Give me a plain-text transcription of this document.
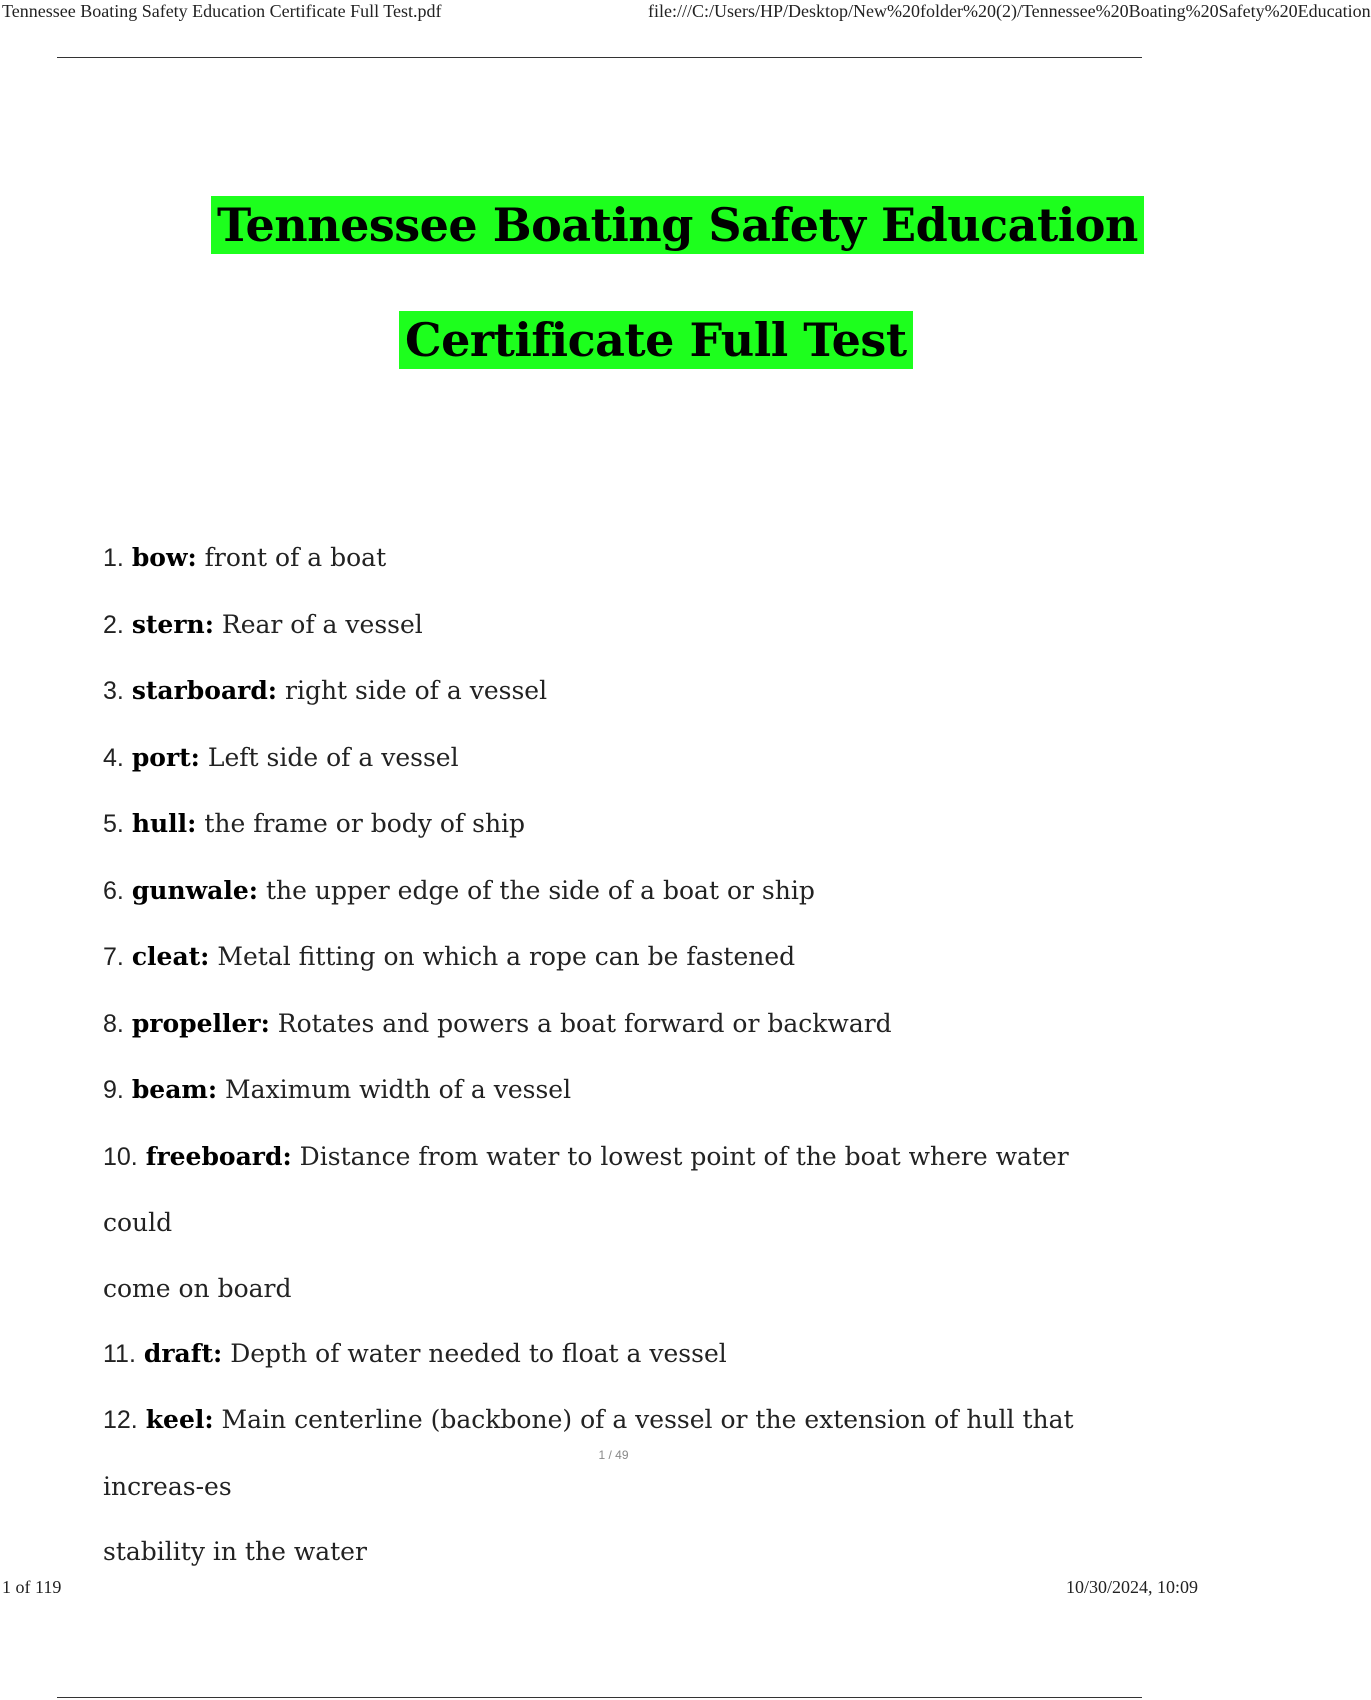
Tennessee Boating Safety Education Certificate Full Test.pdf	file:///C:/Users/HP/Desktop/New%20folder%20(2)/Tennessee%20Boating%20Safety%20Education
Tennessee Boating Safety Education
Certificate Full Test
1. bow: front of a boat
2. stern: Rear of a vessel
3. starboard: right side of a vessel
4. port: Left side of a vessel
5. hull: the frame or body of ship
6. gunwale: the upper edge of the side of a boat or ship
7. cleat: Metal fitting on which a rope can be fastened
8. propeller: Rotates and powers a boat forward or backward
9. beam: Maximum width of a vessel
10. freeboard: Distance from water to lowest point of the boat where water could
come on board
11. draft: Depth of water needed to float a vessel
12. keel: Main centerline (backbone) of a vessel or the extension of hull that increas-es
stability in the water
1 / 49
1 of 119	10/30/2024, 10:09
